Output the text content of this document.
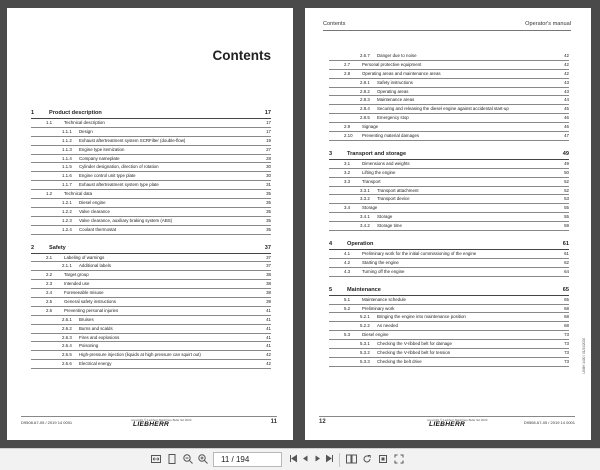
Contents
1	Product description	17
1.1	Technical description	17
1.1.1 Design	17
1.1.2 Exhaust aftertreatment system SCRFilter (double-flow)	19
1.1.3 Engine type itemization	27
1.1.4 Company nameplate	28
1.1.5 Cylinder designation, direction of rotation	30
1.1.6 Engine control unit type plate	30
1.1.7 Exhaust aftertreatment system type plate	31
1.2	Technical data	35
1.2.1 Diesel engine	35
1.2.2 Valve clearance	35
1.2.3 Valve clearance, auxiliary braking system (ABS)	35
1.2.4 Coolant thermostat	35
2	Safety	37
2.1	Labeling of warnings	37
2.1.1 Additional labels	37
2.2	Target group	38
2.3	Intended use	38
2.4	Foreseeable misuse	38
2.5	General safety instructions	39
2.6	Preventing personal injuries	41
2.6.1 Bruises	41
2.6.2 Burns and scalds	41
2.6.3 Fires and explosions	41
2.6.4 Poisoning	41
2.6.5 High-pressure injection (liquids at high pressure can squirt out)	42
2.6.6 Electrical energy	42
D9508 A7-05 / 2019 14 0001	copyright © Liebherr Machines Bulle SA 2020
LIEBHERR	11
Contents	Operator's manual
2.6.7 Danger due to noise	42
2.7	Personal protective equipment	42
2.8	Operating areas and maintenance areas	42
2.8.1 Safety instructions	43
2.8.2 Operating areas	43
2.8.3 Maintenance areas	44
2.8.4 Securing and releasing the diesel engine against accidental start-up	45
2.8.5 Emergency stop	46
2.9	Signage	46
2.10 Preventing material damages	47
3	Transport and storage	49
3.1	Dimensions and weights	49
3.2	Lifting the engine	50
3.3	Transport	52
3.3.1 Transport attachment	52
3.3.2 Transport device	53
3.4	Storage	55
3.4.1 Storage	55
3.4.2 Storage time	59
4	Operation	61
4.1	Preliminary work for the initial commissioning of the engine	61
4.2	Starting the engine	62
4.3	Turning off the engine	64
5	Maintenance	65
5.1	Maintenance schedule	65
5.2	Preliminary work	68
5.2.1 Bringing the engine into maintenance position	68
5.2.2 As needed	68
5.3	Diesel engine	73
5.3.1 Checking the V-ribbed belt for damage	73
5.3.2 Checking the V-ribbed belt for tension	73
5.3.3 Checking the belt drive	73	LWBH 1400 / 01/24/2020
12	copyright © Liebherr Machines Bulle SA 2020
LIEBHERR	D9508 A7-05 / 2019 14 0001
11 / 194
